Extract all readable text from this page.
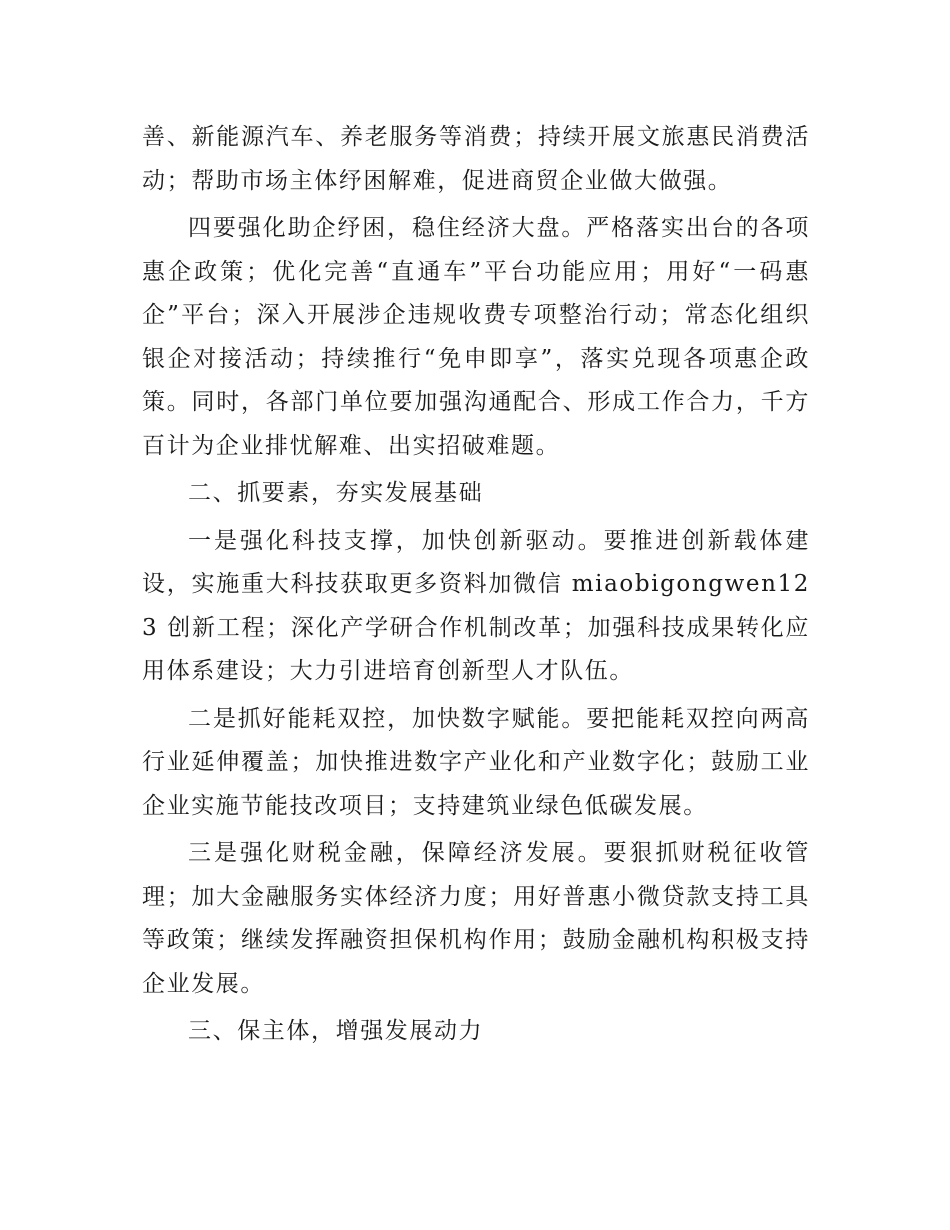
善、新能源汽车、养老服务等消费；持续开展文旅惠民消费活动；帮助市场主体纾困解难，促进商贸企业做大做强。

四要强化助企纾困，稳住经济大盘。严格落实出台的各项惠企政策；优化完善“直通车”平台功能应用；用好“一码惠企”平台；深入开展涉企违规收费专项整治行动；常态化组织银企对接活动；持续推行“免申即享”，落实兑现各项惠企政策。同时，各部门单位要加强沟通配合、形成工作合力，千方百计为企业排忧解难、出实招破难题。

二、抓要素，夯实发展基础

一是强化科技支撑，加快创新驱动。要推进创新载体建设，实施重大科技获取更多资料加微信 miaobigongwen123 创新工程；深化产学研合作机制改革；加强科技成果转化应用体系建设；大力引进培育创新型人才队伍。

二是抓好能耗双控，加快数字赋能。要把能耗双控向两高行业延伸覆盖；加快推进数字产业化和产业数字化；鼓励工业企业实施节能技改项目；支持建筑业绿色低碳发展。

三是强化财税金融，保障经济发展。要狠抓财税征收管理；加大金融服务实体经济力度；用好普惠小微贷款支持工具等政策；继续发挥融资担保机构作用；鼓励金融机构积极支持企业发展。

三、保主体，增强发展动力
